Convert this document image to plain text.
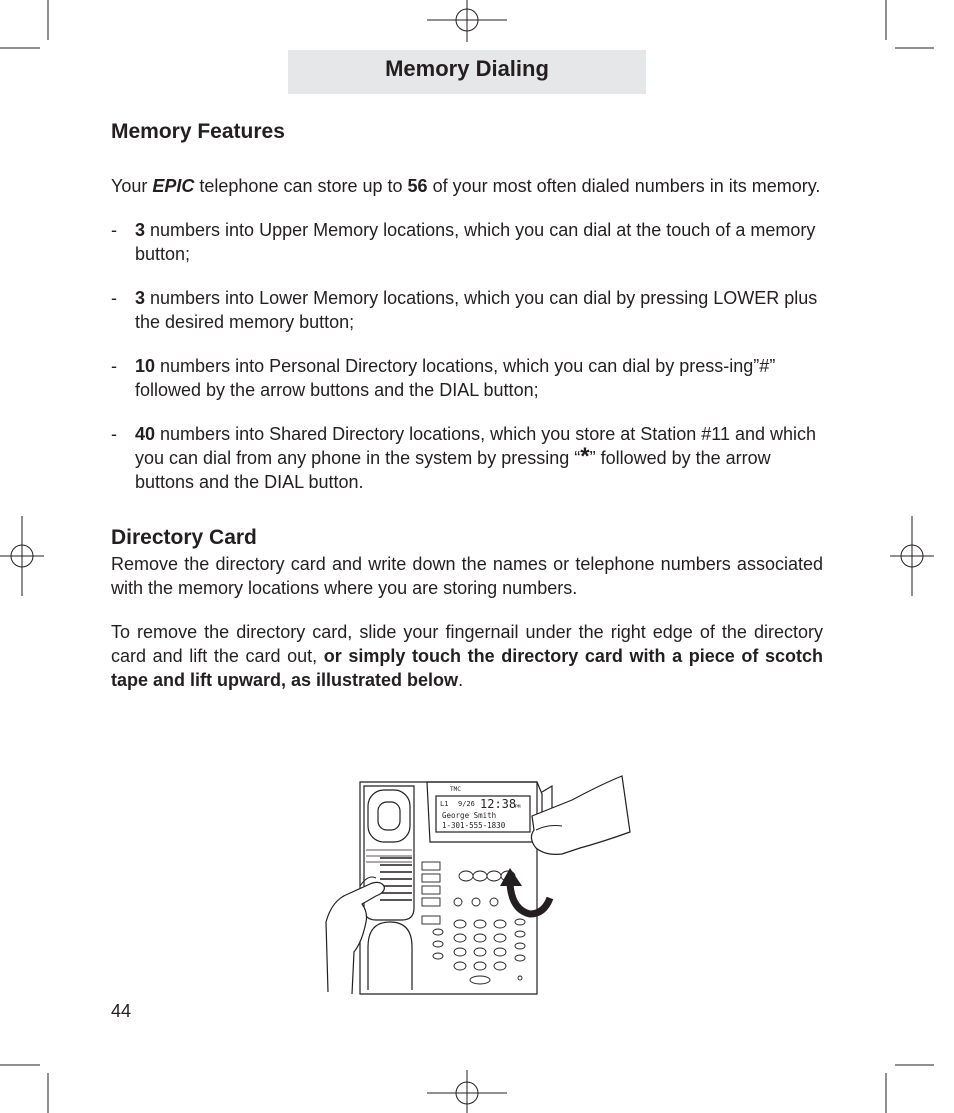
Memory Dialing
Memory Features

Your EPIC telephone can store up to 56 of your most often dialed numbers in its memory.

- 3 numbers into Upper Memory locations, which you can dial at the touch of a memory button;
- 3 numbers into Lower Memory locations, which you can dial by pressing LOWER plus the desired memory button;
- 10 numbers into Personal Directory locations, which you can dial by press-ing”#” followed by the arrow buttons and the DIAL button;
- 40 numbers into Shared Directory locations, which you store at Station #11 and which you can dial from any phone in the system by pressing “*” followed by the arrow buttons and the DIAL button.
Directory Card

Remove the directory card and write down the names or telephone numbers associated with the memory locations where you are storing numbers.

To remove the directory card, slide your fingernail under the right edge of the directory card and lift the card out, or simply touch the directory card with a piece of scotch tape and lift upward, as illustrated below.

TMC
L1 9/26 12:38
PM
George Smith
1-301-555-1830
44
